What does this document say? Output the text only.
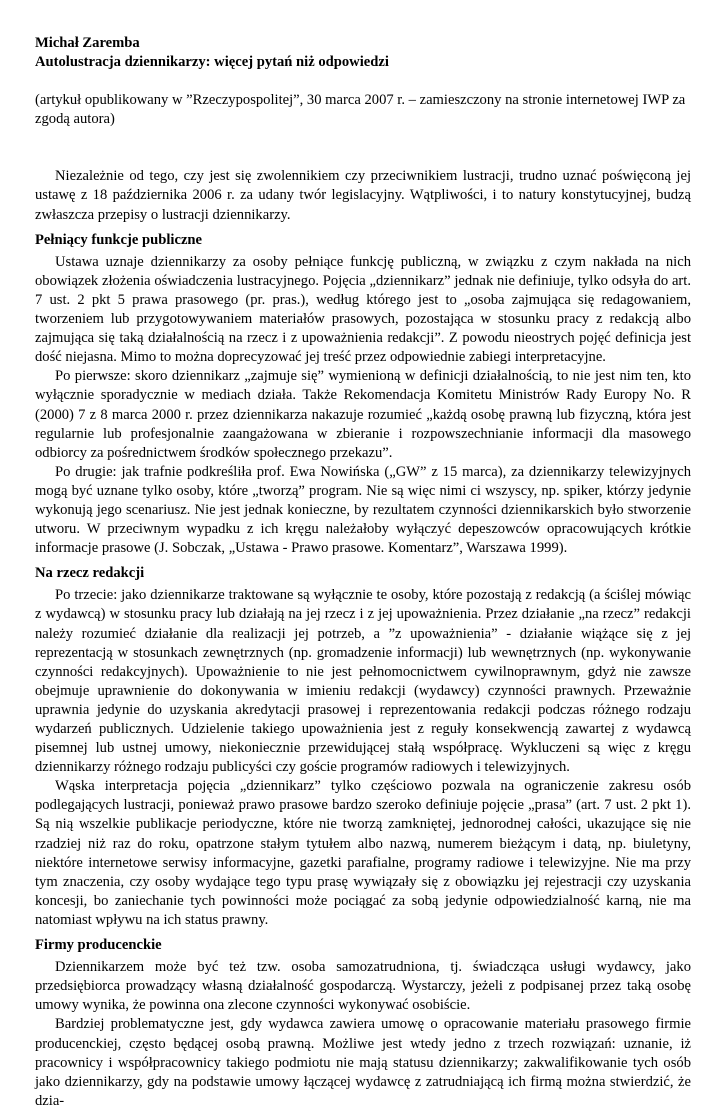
Michał Zaremba
Autolustracja dziennikarzy: więcej pytań niż odpowiedzi
(artykuł opublikowany w ”Rzeczypospolitej”, 30 marca 2007 r. – zamieszczony na stronie internetowej IWP za zgodą autora)

Niezależnie od tego, czy jest się zwolennikiem czy przeciwnikiem lustracji, trudno uznać poświęconą jej ustawę z 18 października 2006 r. za udany twór legislacyjny. Wątpliwości, i to natury konstytucyjnej, budzą zwłaszcza przepisy o lustracji dziennikarzy.

Pełniący funkcje publiczne

Ustawa uznaje dziennikarzy za osoby pełniące funkcję publiczną, w związku z czym nakłada na nich obowiązek złożenia oświadczenia lustracyjnego. Pojęcia „dziennikarz” jednak nie definiuje, tylko odsyła do art. 7 ust. 2 pkt 5 prawa prasowego (pr. pras.), według którego jest to „osoba zajmująca się redagowaniem, tworzeniem lub przygotowywaniem materiałów prasowych, pozostająca w stosunku pracy z redakcją albo zajmująca się taką działalnością na rzecz i z upoważnienia redakcji”. Z powodu nieostrych pojęć definicja jest dość niejasna. Mimo to można doprecyzować jej treść przez odpowiednie zabiegi interpretacyjne.

Po pierwsze: skoro dziennikarz „zajmuje się” wymienioną w definicji działalnością, to nie jest nim ten, kto wyłącznie sporadycznie w mediach działa. Także Rekomendacja Komitetu Ministrów Rady Europy No. R (2000) 7 z 8 marca 2000 r. przez dziennikarza nakazuje rozumieć „każdą osobę prawną lub fizyczną, która jest regularnie lub profesjonalnie zaangażowana w zbieranie i rozpowszechnianie informacji dla masowego odbiorcy za pośrednictwem środków społecznego przekazu”.

Po drugie: jak trafnie podkreśliła prof. Ewa Nowińska („GW” z 15 marca), za dziennikarzy telewizyjnych mogą być uznane tylko osoby, które „tworzą” program. Nie są więc nimi ci wszyscy, np. spiker, którzy jedynie wykonują jego scenariusz. Nie jest jednak konieczne, by rezultatem czynności dziennikarskich było stworzenie utworu. W przeciwnym wypadku z ich kręgu należałoby wyłączyć depeszowców opracowujących krótkie informacje prasowe (J. Sobczak, „Ustawa - Prawo prasowe. Komentarz”, Warszawa 1999).

Na rzecz redakcji

Po trzecie: jako dziennikarze traktowane są wyłącznie te osoby, które pozostają z redakcją (a ściślej mówiąc z wydawcą) w stosunku pracy lub działają na jej rzecz i z jej upoważnienia. Przez działanie „na rzecz” redakcji należy rozumieć działanie dla realizacji jej potrzeb, a ”z upoważnienia” - działanie wiążące się z jej reprezentacją w stosunkach zewnętrznych (np. gromadzenie informacji) lub wewnętrznych (np. wykonywanie czynności redakcyjnych). Upoważnienie to nie jest pełnomocnictwem cywilnoprawnym, gdyż nie zawsze obejmuje uprawnienie do dokonywania w imieniu redakcji (wydawcy) czynności prawnych. Przeważnie uprawnia jedynie do uzyskania akredytacji prasowej i reprezentowania redakcji podczas różnego rodzaju wydarzeń publicznych. Udzielenie takiego upoważnienia jest z reguły konsekwencją zawartej z wydawcą pisemnej lub ustnej umowy, niekoniecznie przewidującej stałą współpracę. Wykluczeni są więc z kręgu dziennikarzy różnego rodzaju publicyści czy goście programów radiowych i telewizyjnych.

Wąska interpretacja pojęcia „dziennikarz” tylko częściowo pozwala na ograniczenie zakresu osób podlegających lustracji, ponieważ prawo prasowe bardzo szeroko definiuje pojęcie „prasa” (art. 7 ust. 2 pkt 1). Są nią wszelkie publikacje periodyczne, które nie tworzą zamkniętej, jednorodnej całości, ukazujące się nie rzadziej niż raz do roku, opatrzone stałym tytułem albo nazwą, numerem bieżącym i datą, np. biuletyny, niektóre internetowe serwisy informacyjne, gazetki parafialne, programy radiowe i telewizyjne. Nie ma przy tym znaczenia, czy osoby wydające tego typu prasę wywiązały się z obowiązku jej rejestracji czy uzyskania koncesji, bo zaniechanie tych powinności może pociągać za sobą jedynie odpowiedzialność karną, nie ma natomiast wpływu na ich status prawny.

Firmy producenckie

Dziennikarzem może być też tzw. osoba samozatrudniona, tj. świadcząca usługi wydawcy, jako przedsiębiorca prowadzący własną działalność gospodarczą. Wystarczy, jeżeli z podpisanej przez taką osobę umowy wynika, że powinna ona zlecone czynności wykonywać osobiście.

Bardziej problematyczne jest, gdy wydawca zawiera umowę o opracowanie materiału prasowego firmie producenckiej, często będącej osobą prawną. Możliwe jest wtedy jedno z trzech rozwiązań: uznanie, iż pracownicy i współpracownicy takiego podmiotu nie mają statusu dziennikarzy; zakwalifikowanie tych osób jako dziennikarzy, gdy na podstawie umowy łączącej wydawcę z zatrudniającą ich firmą można stwierdzić, że dzia-
